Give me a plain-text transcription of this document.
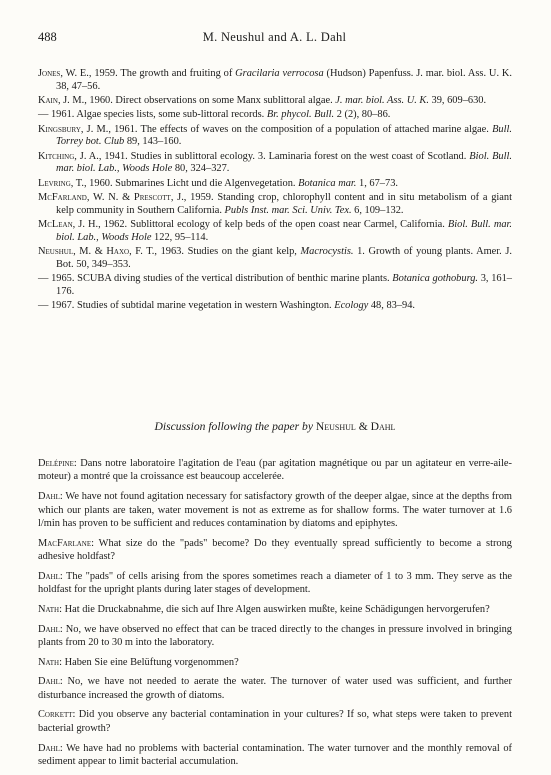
488	M. Neushul and A. L. Dahl
Jones, W. E., 1959. The growth and fruiting of Gracilaria verrocosa (Hudson) Papenfuss. J. mar. biol. Ass. U. K. 38, 47–56.
Kain, J. M., 1960. Direct observations on some Manx sublittoral algae. J. mar. biol. Ass. U. K. 39, 609–630.
— 1961. Algae species lists, some sub-littoral records. Br. phycol. Bull. 2 (2), 80–86.
Kingsbury, J. M., 1961. The effects of waves on the composition of a population of attached marine algae. Bull. Torrey bot. Club 89, 143–160.
Kitching, J. A., 1941. Studies in sublittoral ecology. 3. Laminaria forest on the west coast of Scotland. Biol. Bull. mar. biol. Lab., Woods Hole 80, 324–327.
Levring, T., 1960. Submarines Licht und die Algenvegetation. Botanica mar. 1, 67–73.
McFarland, W. N. & Prescott, J., 1959. Standing crop, chlorophyll content and in situ metabolism of a giant kelp community in Southern California. Publs Inst. mar. Sci. Univ. Tex. 6, 109–132.
McLean, J. H., 1962. Sublittoral ecology of kelp beds of the open coast near Carmel, California. Biol. Bull. mar. biol. Lab., Woods Hole 122, 95–114.
Neushul, M. & Haxo, F. T., 1963. Studies on the giant kelp, Macrocystis. 1. Growth of young plants. Amer. J. Bot. 50, 349–353.
— 1965. SCUBA diving studies of the vertical distribution of benthic marine plants. Botanica gothoburg. 3, 161–176.
— 1967. Studies of subtidal marine vegetation in western Washington. Ecology 48, 83–94.
Discussion following the paper by Neushul & Dahl
Delépine: Dans notre laboratoire l'agitation de l'eau (par agitation magnétique ou par un agitateur en verre-aile-moteur) a montré que la croissance est beaucoup accelerée.
Dahl: We have not found agitation necessary for satisfactory growth of the deeper algae, since at the depths from which our plants are taken, water movement is not as extreme as for shallow forms. The water turnover at 1.6 l/min has proven to be sufficient and reduces contamination by diatoms and epiphytes.
MacFarlane: What size do the "pads" become? Do they eventually spread sufficiently to become a strong adhesive holdfast?
Dahl: The "pads" of cells arising from the spores sometimes reach a diameter of 1 to 3 mm. They serve as the holdfast for the upright plants during later stages of development.
Nath: Hat die Druckabnahme, die sich auf Ihre Algen auswirken mußte, keine Schädigungen hervorgerufen?
Dahl: No, we have observed no effect that can be traced directly to the changes in pressure involved in bringing plants from 20 to 30 m into the laboratory.
Nath: Haben Sie eine Belüftung vorgenommen?
Dahl: No, we have not needed to aerate the water. The turnover of water used was sufficient, and further disturbance increased the growth of diatoms.
Corkett: Did you observe any bacterial contamination in your cultures? If so, what steps were taken to prevent bacterial growth?
Dahl: We have had no problems with bacterial contamination. The water turnover and the monthly removal of sediment appear to limit bacterial accumulation.
